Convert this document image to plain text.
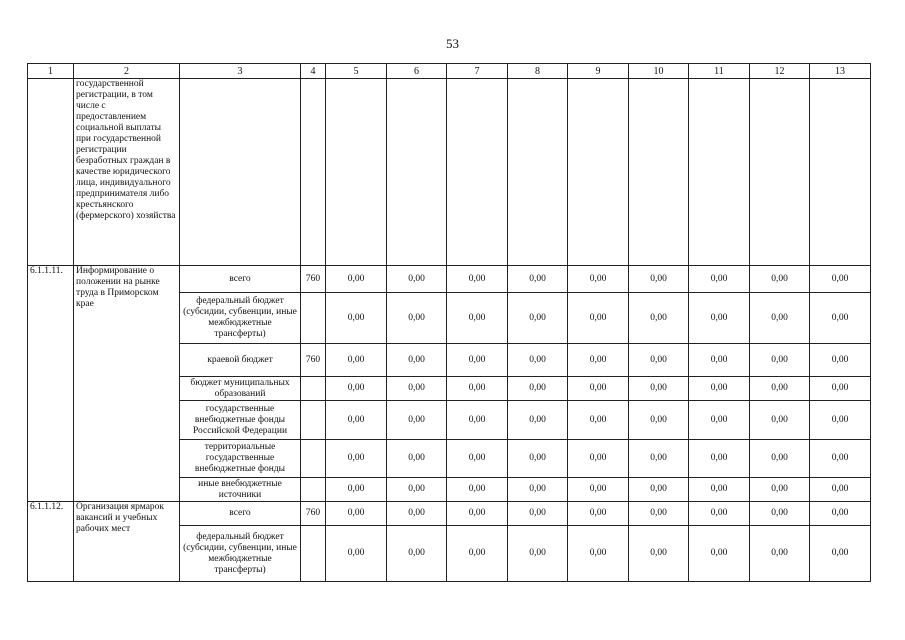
53
1	2	3	4	5	6	7	8	9	10	11	12	13
	государственной регистрации, в том числе с предоставлением социальной выплаты при государственной регистрации безработных граждан в качестве юридического лица, индивидуального предпринимателя либо крестьянского (фермерского) хозяйства											
6.1.1.11.	Информирование о положении на рынке труда в Приморском крае	всего	760	0,00	0,00	0,00	0,00	0,00	0,00	0,00	0,00	0,00
		федеральный бюджет (субсидии, субвенции, иные межбюджетные трансферты)		0,00	0,00	0,00	0,00	0,00	0,00	0,00	0,00	0,00
		краевой бюджет	760	0,00	0,00	0,00	0,00	0,00	0,00	0,00	0,00	0,00
		бюджет муниципальных образований		0,00	0,00	0,00	0,00	0,00	0,00	0,00	0,00	0,00
		государственные внебюджетные фонды Российской Федерации		0,00	0,00	0,00	0,00	0,00	0,00	0,00	0,00	0,00
		территориальные государственные внебюджетные фонды		0,00	0,00	0,00	0,00	0,00	0,00	0,00	0,00	0,00
		иные внебюджетные источники		0,00	0,00	0,00	0,00	0,00	0,00	0,00	0,00	0,00
6.1.1.12.	Организация ярмарок вакансий и учебных рабочих мест	всего	760	0,00	0,00	0,00	0,00	0,00	0,00	0,00	0,00	0,00
		федеральный бюджет (субсидии, субвенции, иные межбюджетные трансферты)		0,00	0,00	0,00	0,00	0,00	0,00	0,00	0,00	0,00
